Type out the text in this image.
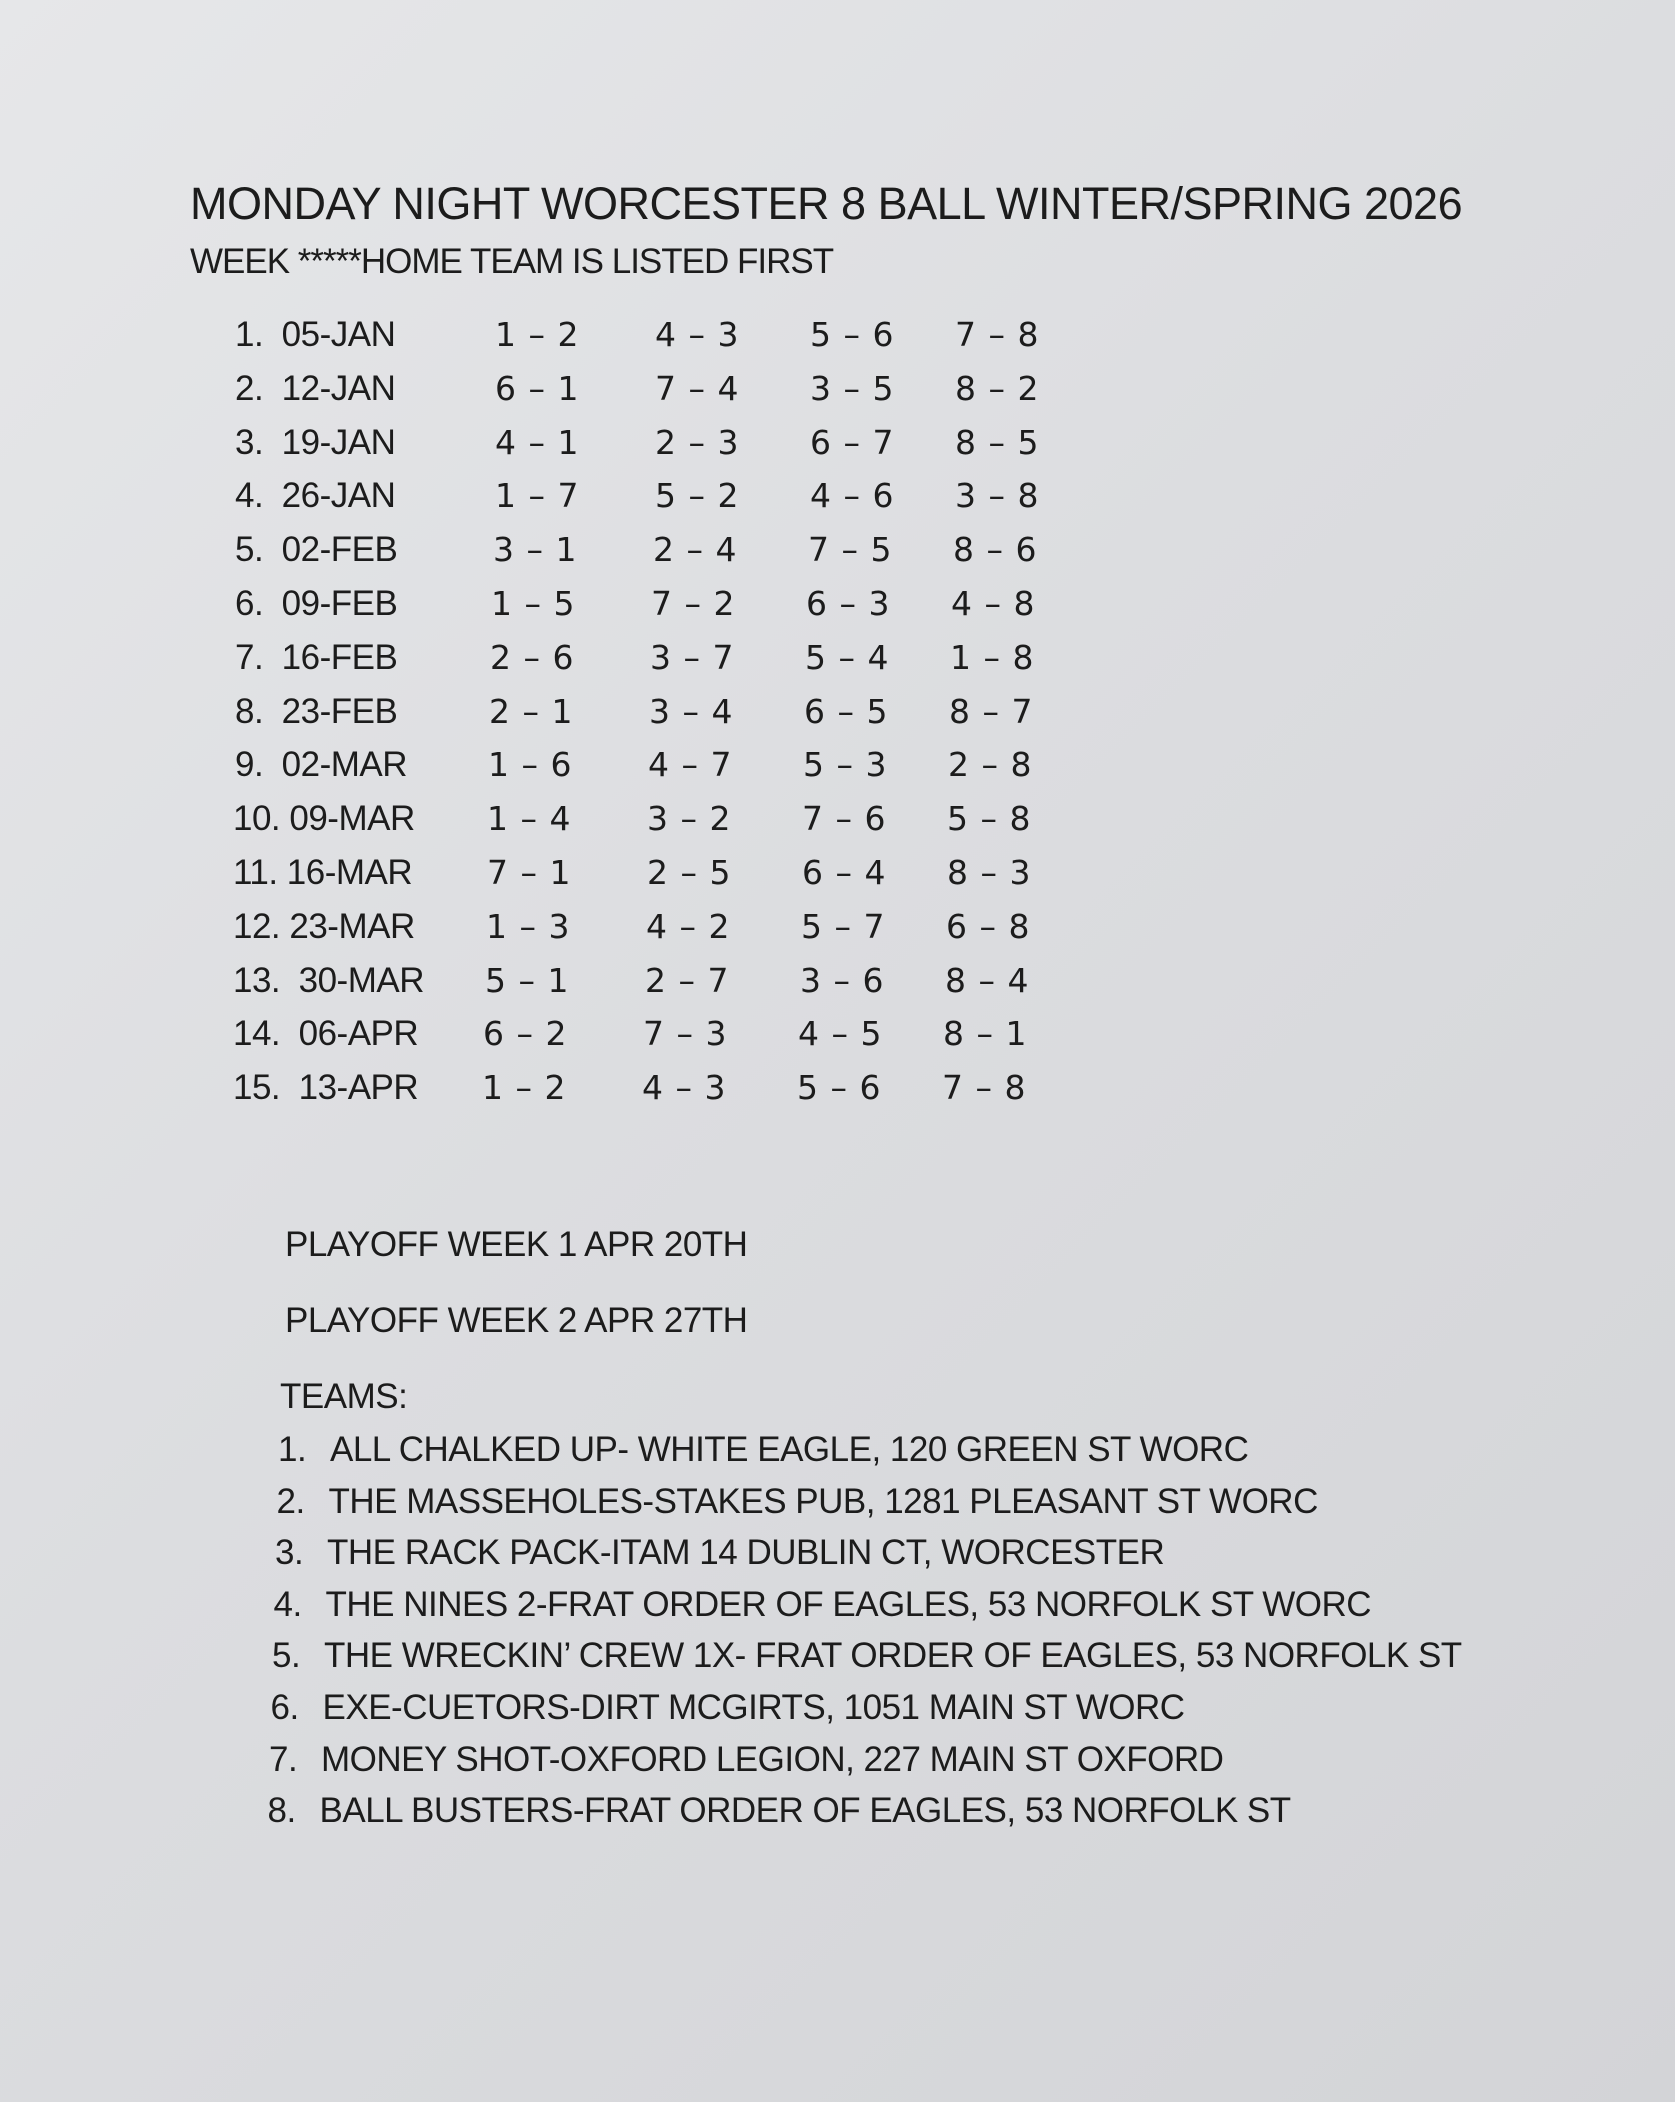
MONDAY NIGHT WORCESTER 8 BALL WINTER/SPRING 2026
WEEK *****HOME TEAM IS LISTED FIRST
1.  05-JAN	1 – 2 4 – 3 5 – 6 7 – 8
2.  12-JAN	6 – 1 7 – 4 3 – 5 8 – 2
3.  19-JAN	4 – 1 2 – 3 6 – 7 8 – 5
4.  26-JAN	1 – 7 5 – 2 4 – 6 3 – 8
5.  02-FEB	3 – 1 2 – 4 7 – 5 8 – 6
6.  09-FEB	1 – 5 7 – 2 6 – 3 4 – 8
7.  16-FEB	2 – 6 3 – 7 5 – 4 1 – 8
8.  23-FEB	2 – 1 3 – 4 6 – 5 8 – 7
9.  02-MAR 1 – 6 4 – 7 5 – 3 2 – 8
10. 09-MAR 1 – 4 3 – 2 7 – 6 5 – 8
11. 16-MAR 7 – 1 2 – 5 6 – 4 8 – 3
12. 23-MAR 1 – 3 4 – 2 5 – 7 6 – 8
13.  30-MAR 5 – 1 2 – 7 3 – 6 8 – 4
14.  06-APR 6 – 2 7 – 3 4 – 5 8 – 1
15.  13-APR 1 – 2 4 – 3 5 – 6 7 – 8
PLAYOFF WEEK 1 APR 20TH
PLAYOFF WEEK 2 APR 27TH
TEAMS:
1. ALL CHALKED UP- WHITE EAGLE, 120 GREEN ST WORC
2. THE MASSEHOLES-STAKES PUB, 1281 PLEASANT ST WORC
3. THE RACK PACK-ITAM 14 DUBLIN CT, WORCESTER
4. THE NINES 2-FRAT ORDER OF EAGLES, 53 NORFOLK ST WORC
5. THE WRECKIN’ CREW 1X- FRAT ORDER OF EAGLES, 53 NORFOLK ST
6. EXE-CUETORS-DIRT MCGIRTS, 1051 MAIN ST WORC
7. MONEY SHOT-OXFORD LEGION, 227 MAIN ST OXFORD
8. BALL BUSTERS-FRAT ORDER OF EAGLES, 53 NORFOLK ST
